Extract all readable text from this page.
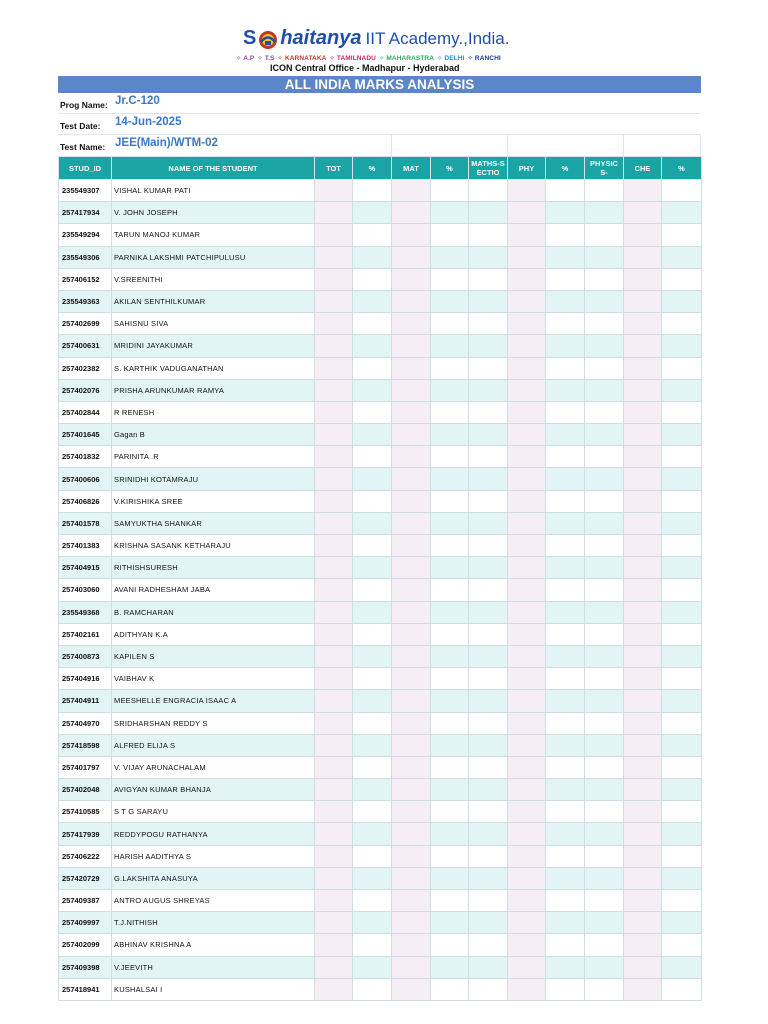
S haitanya IIT Academy.,India.
✧ A.P ✧ T.S ✧ KARNATAKA ✧ TAMILNADU ✧ MAHARASTRA ✧ DELHI ✧ RANCHI
ICON Central Office - Madhapur - Hyderabad
ALL INDIA MARKS ANALYSIS
Prog Name: Jr.C-120
Test Date: 14-Jun-2025
Test Name: JEE(Main)/WTM-02
STUD_ID	NAME OF THE STUDENT	TOT	%	MAT	%	MATHS-SECTIO	PHY	%	PHYSICS-	CHE	%
235549307	VISHAL KUMAR PATI										
257417934	V. JOHN JOSEPH										
235549294	TARUN MANOJ KUMAR										
235549306	PARNIKA LAKSHMI PATCHIPULUSU										
257406152	V.SREENITHI										
235549363	AKILAN SENTHILKUMAR										
257402699	SAHISNU SIVA										
257400631	MRIDINI JAYAKUMAR										
257402382	S. KARTHIK VADUGANATHAN										
257402076	PRISHA ARUNKUMAR RAMYA										
257402844	R RENESH										
257401645	Gagan B										
257401832	PARINITA .R										
257400606	SRINIDHI KOTAMRAJU										
257406826	V.KIRISHIKA SREE										
257401578	SAMYUKTHA SHANKAR										
257401383	KRISHNA SASANK KETHARAJU										
257404915	RITHISHSURESH										
257403060	AVANI RADHESHAM JABA										
235549368	B. RAMCHARAN										
257402161	ADITHYAN K.A										
257400873	KAPILEN S										
257404916	VAIBHAV K										
257404911	MEESHELLE ENGRACIA ISAAC A										
257404970	SRIDHARSHAN REDDY S										
257418598	ALFRED ELIJA S										
257401797	V. VIJAY ARUNACHALAM										
257402048	AVIGYAN KUMAR BHANJA										
257410585	S T G SARAYU										
257417939	REDDYPOGU RATHANYA										
257406222	HARISH AADITHYA S										
257420729	G.LAKSHITA ANASUYA										
257409387	ANTRO AUGUS SHREYAS										
257409997	T.J.NITHISH										
257402099	ABHINAV KRISHNA A										
257409398	V.JEEVITH										
257418941	KUSHALSAI I										
